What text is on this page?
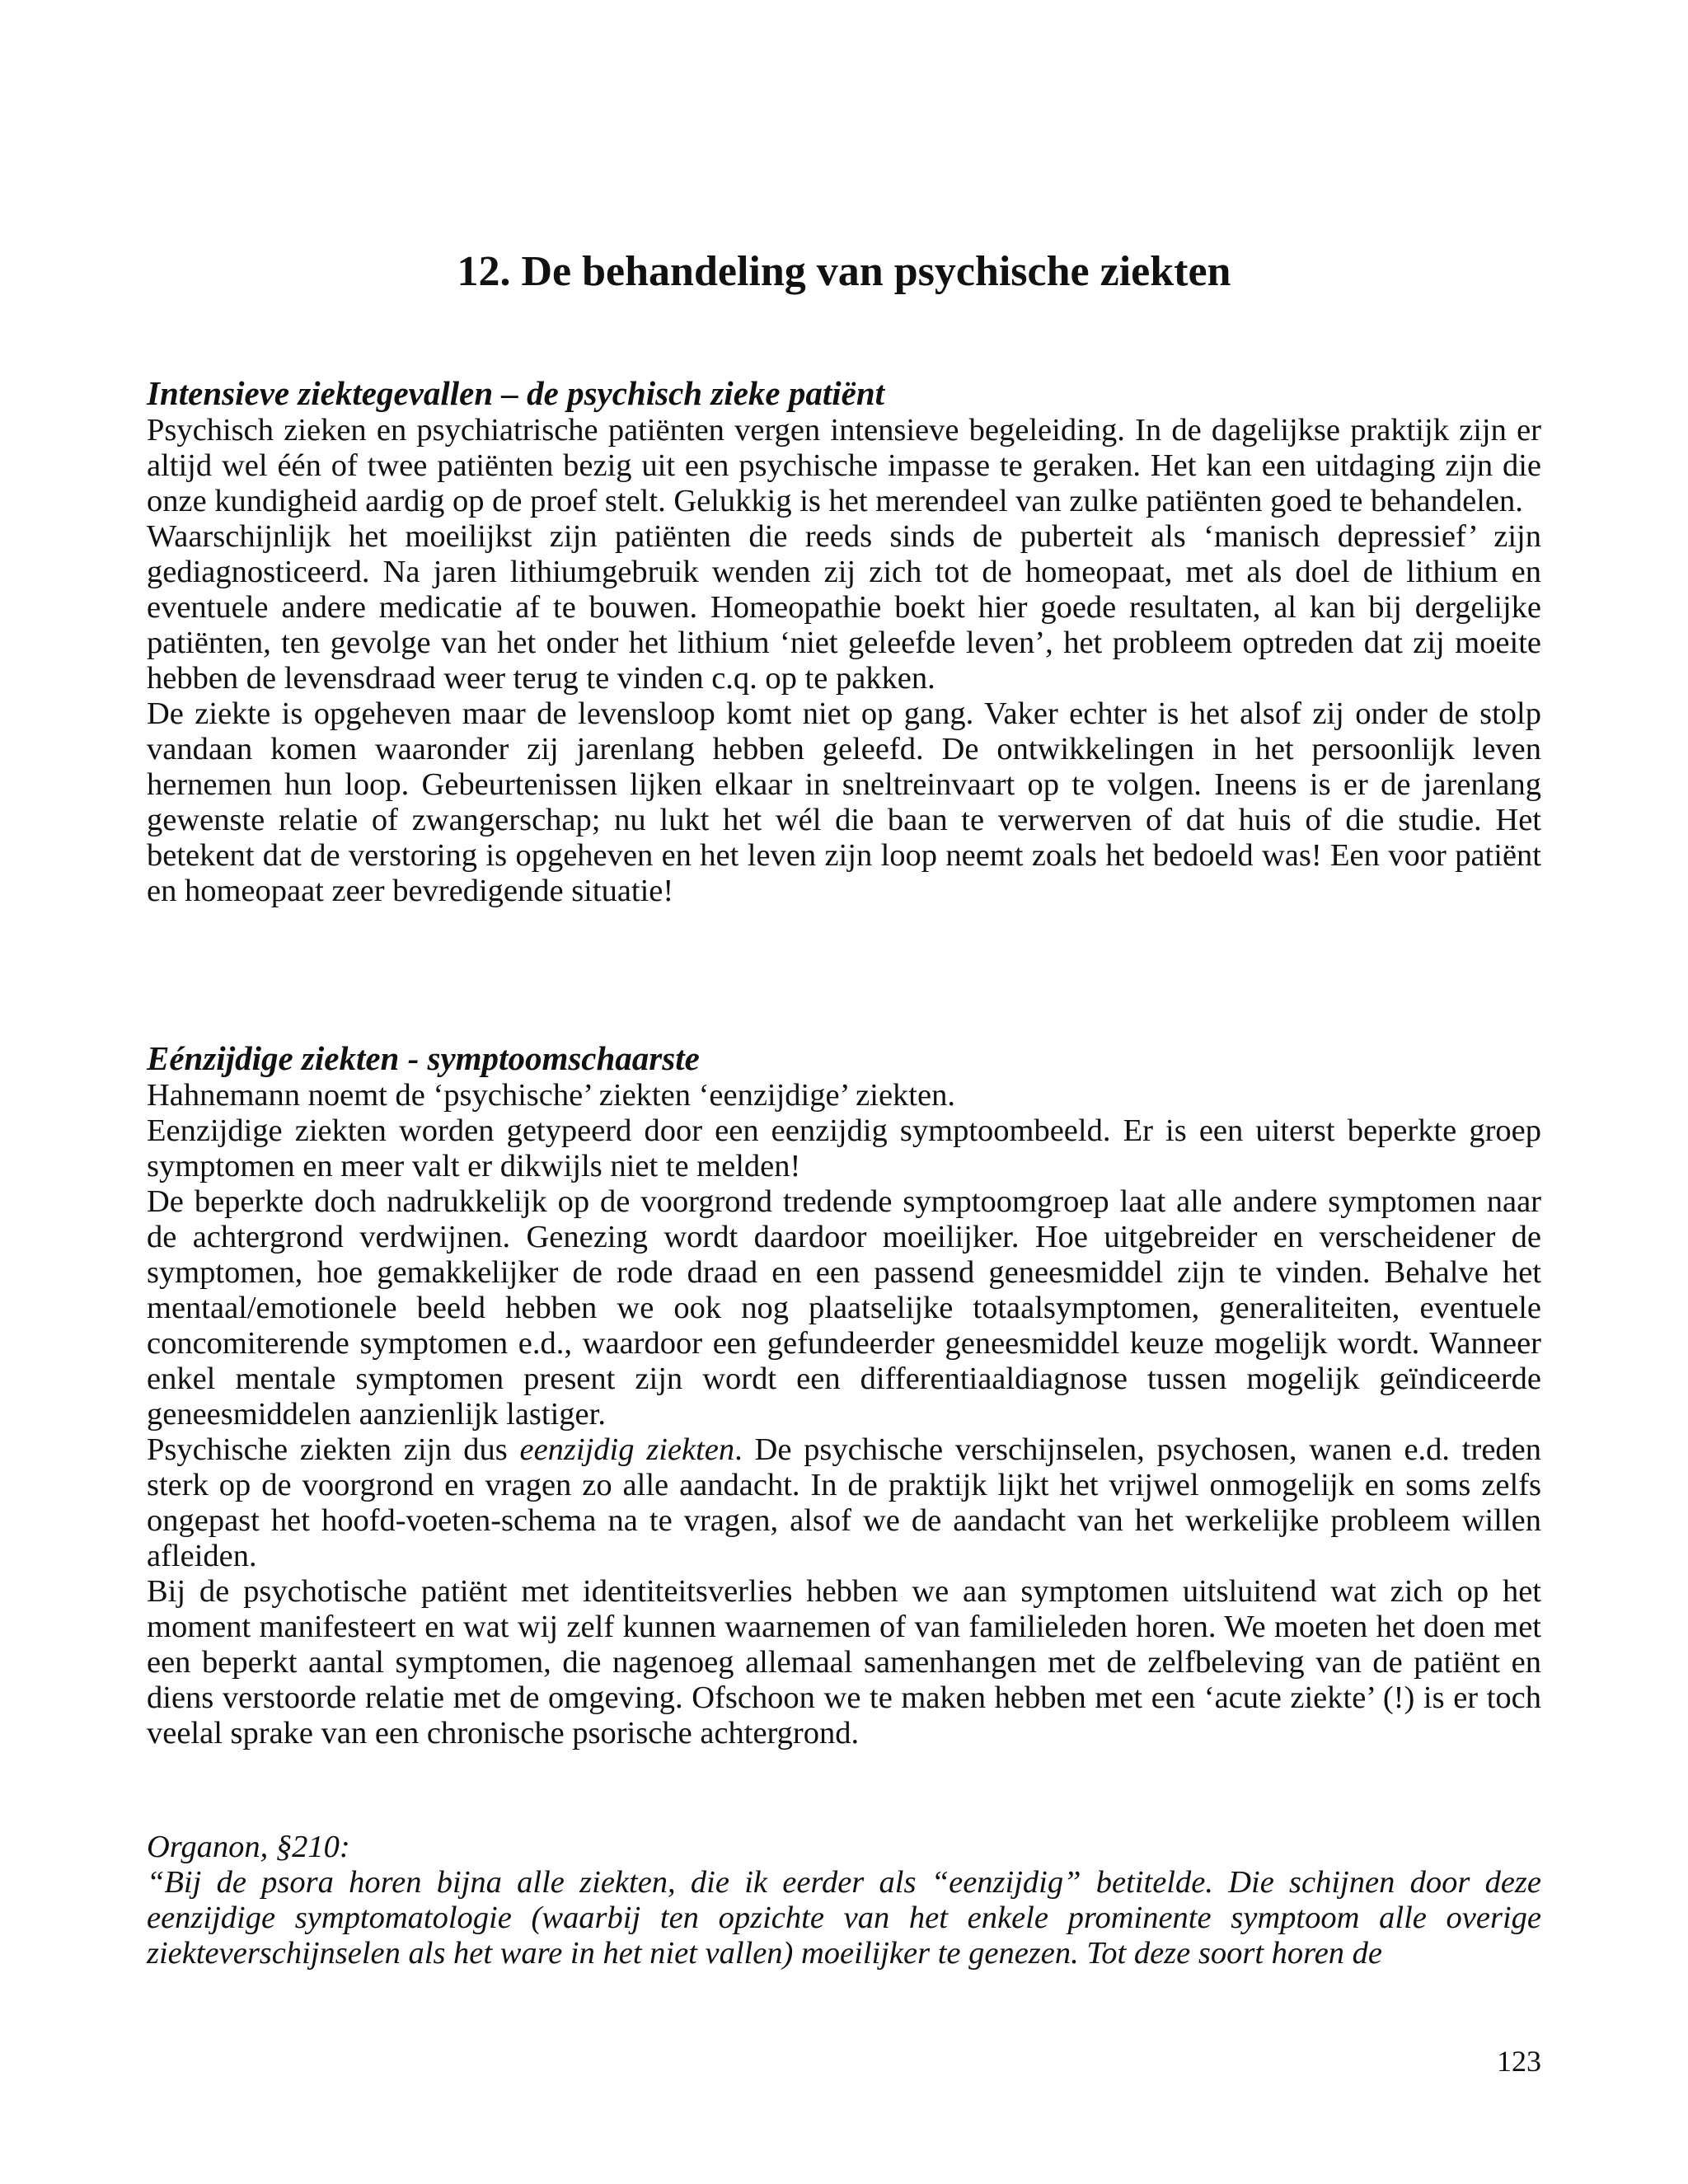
12. De behandeling van psychische ziekten
Intensieve ziektegevallen – de psychisch zieke patiënt

Psychisch zieken en psychiatrische patiënten vergen intensieve begeleiding. In de dagelijkse praktijk zijn er altijd wel één of twee patiënten bezig uit een psychische impasse te geraken. Het kan een uitdaging zijn die onze kundigheid aardig op de proef stelt. Gelukkig is het merendeel van zulke patiënten goed te behandelen.

Waarschijnlijk het moeilijkst zijn patiënten die reeds sinds de puberteit als ‘manisch depressief’ zijn gediagnosticeerd. Na jaren lithiumgebruik wenden zij zich tot de homeopaat, met als doel de lithium en eventuele andere medicatie af te bouwen. Homeopathie boekt hier goede resultaten, al kan bij dergelijke patiënten, ten gevolge van het onder het lithium ‘niet geleefde leven’, het probleem optreden dat zij moeite hebben de levensdraad weer terug te vinden c.q. op te pakken.

De ziekte is opgeheven maar de levensloop komt niet op gang. Vaker echter is het alsof zij onder de stolp vandaan komen waaronder zij jarenlang hebben geleefd. De ontwikkelingen in het persoonlijk leven hernemen hun loop. Gebeurtenissen lijken elkaar in sneltreinvaart op te volgen. Ineens is er de jarenlang gewenste relatie of zwangerschap; nu lukt het wél die baan te verwerven of dat huis of die studie. Het betekent dat de verstoring is opgeheven en het leven zijn loop neemt zoals het bedoeld was! Een voor patiënt en homeopaat zeer bevredigende situatie!

Eénzijdige ziekten - symptoomschaarste

Hahnemann noemt de ‘psychische’ ziekten ‘eenzijdige’ ziekten.

Eenzijdige ziekten worden getypeerd door een eenzijdig symptoombeeld. Er is een uiterst beperkte groep symptomen en meer valt er dikwijls niet te melden!

De beperkte doch nadrukkelijk op de voorgrond tredende symptoomgroep laat alle andere symptomen naar de achtergrond verdwijnen. Genezing wordt daardoor moeilijker. Hoe uitgebreider en verscheidener de symptomen, hoe gemakkelijker de rode draad en een passend geneesmiddel zijn te vinden. Behalve het mentaal/emotionele beeld hebben we ook nog plaatselijke totaalsymptomen, generaliteiten, eventuele concomiterende symptomen e.d., waardoor een gefundeerder geneesmiddel keuze mogelijk wordt. Wanneer enkel mentale symptomen present zijn wordt een differentiaaldiagnose tussen mogelijk geïndiceerde geneesmiddelen aanzienlijk lastiger.

Psychische ziekten zijn dus eenzijdig ziekten. De psychische verschijnselen, psychosen, wanen e.d. treden sterk op de voorgrond en vragen zo alle aandacht. In de praktijk lijkt het vrijwel onmogelijk en soms zelfs ongepast het hoofd-voeten-schema na te vragen, alsof we de aandacht van het werkelijke probleem willen afleiden.

Bij de psychotische patiënt met identiteitsverlies hebben we aan symptomen uitsluitend wat zich op het moment manifesteert en wat wij zelf kunnen waarnemen of van familieleden horen. We moeten het doen met een beperkt aantal symptomen, die nagenoeg allemaal samenhangen met de zelfbeleving van de patiënt en diens verstoorde relatie met de omgeving. Ofschoon we te maken hebben met een ‘acute ziekte’ (!) is er toch veelal sprake van een chronische psorische achtergrond.

Organon, §210:

“Bij de psora horen bijna alle ziekten, die ik eerder als “eenzijdig” betitelde. Die schijnen door deze eenzijdige symptomatologie (waarbij ten opzichte van het enkele prominente symptoom alle overige ziekteverschijnselen als het ware in het niet vallen) moeilijker te genezen. Tot deze soort horen de

123
